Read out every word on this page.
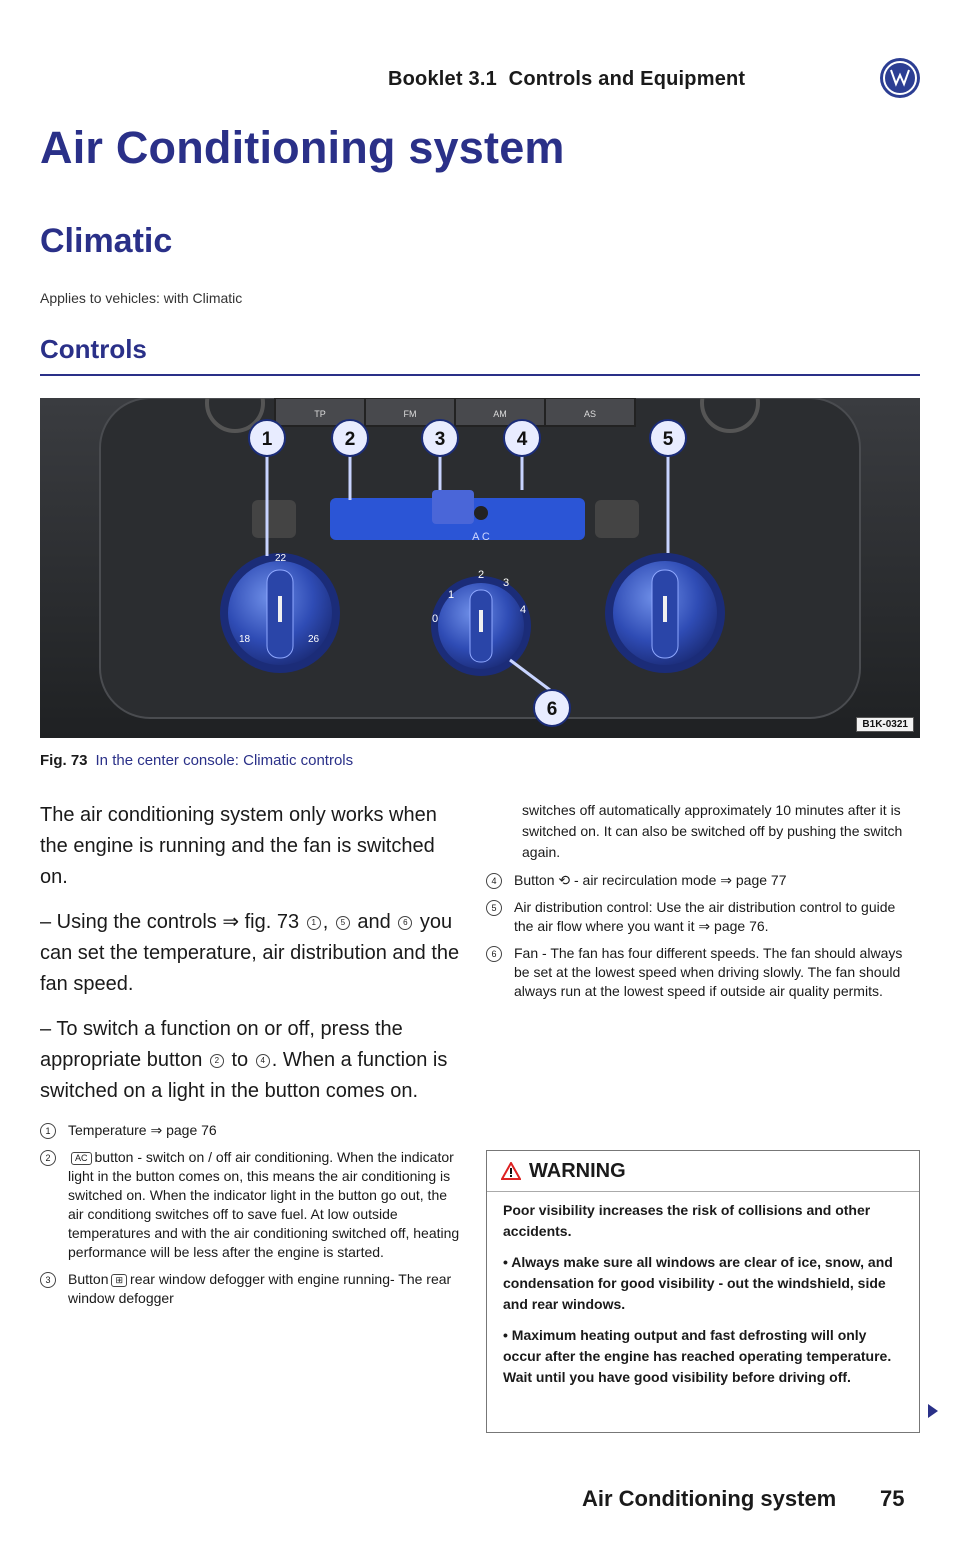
Booklet 3.1 Controls and Equipment
Air Conditioning system
Climatic
Applies to vehicles: with Climatic
Controls
TP	FM	AM	AS
A C
18	26
22
0
1
2
3
4
1	2	3	4	5
6
B1K-0321
Fig. 73 In the center console: Climatic controls

The air conditioning system only works when the engine is running and the fan is switched on.

– Using the controls ⇒ fig. 73 1 , 5 and 6 you can set the temperature, air distribution and the fan speed.

– To switch a function on or off, press the appropriate button 2 to 4 . When a function is switched on a light in the button comes on.

1	Temperature ⇒ page 76
2	AC button - switch on / off air conditioning. When the indicator light in the button comes on, this means the air conditioning is switched on. When the indicator light in the button go out, the air conditiong switches off to save fuel. At low outside temperatures and with the air conditioning switched off, heating performance will be less after the engine is started.
3	Button ⊞ rear window defogger with engine running- The rear window defogger

switches off automatically approximately 10 minutes after it is switched on. It can also be switched off by pushing the switch again.

4	Button ⟲ - air recirculation mode ⇒ page 77
5	Air distribution control: Use the air distribution control to guide the air flow where you want it ⇒ page 76.
6	Fan - The fan has four different speeds. The fan should always be set at the lowest speed when driving slowly. The fan should always run at the lowest speed if outside air quality permits.
WARNING

Poor visibility increases the risk of collisions and other accidents.

• Always make sure all windows are clear of ice, snow, and condensation for good visibility - out the windshield, side and rear windows.

• Maximum heating output and fast defrosting will only occur after the engine has reached operating temperature. Wait until you have good visibility before driving off.

Air Conditioning system 75
